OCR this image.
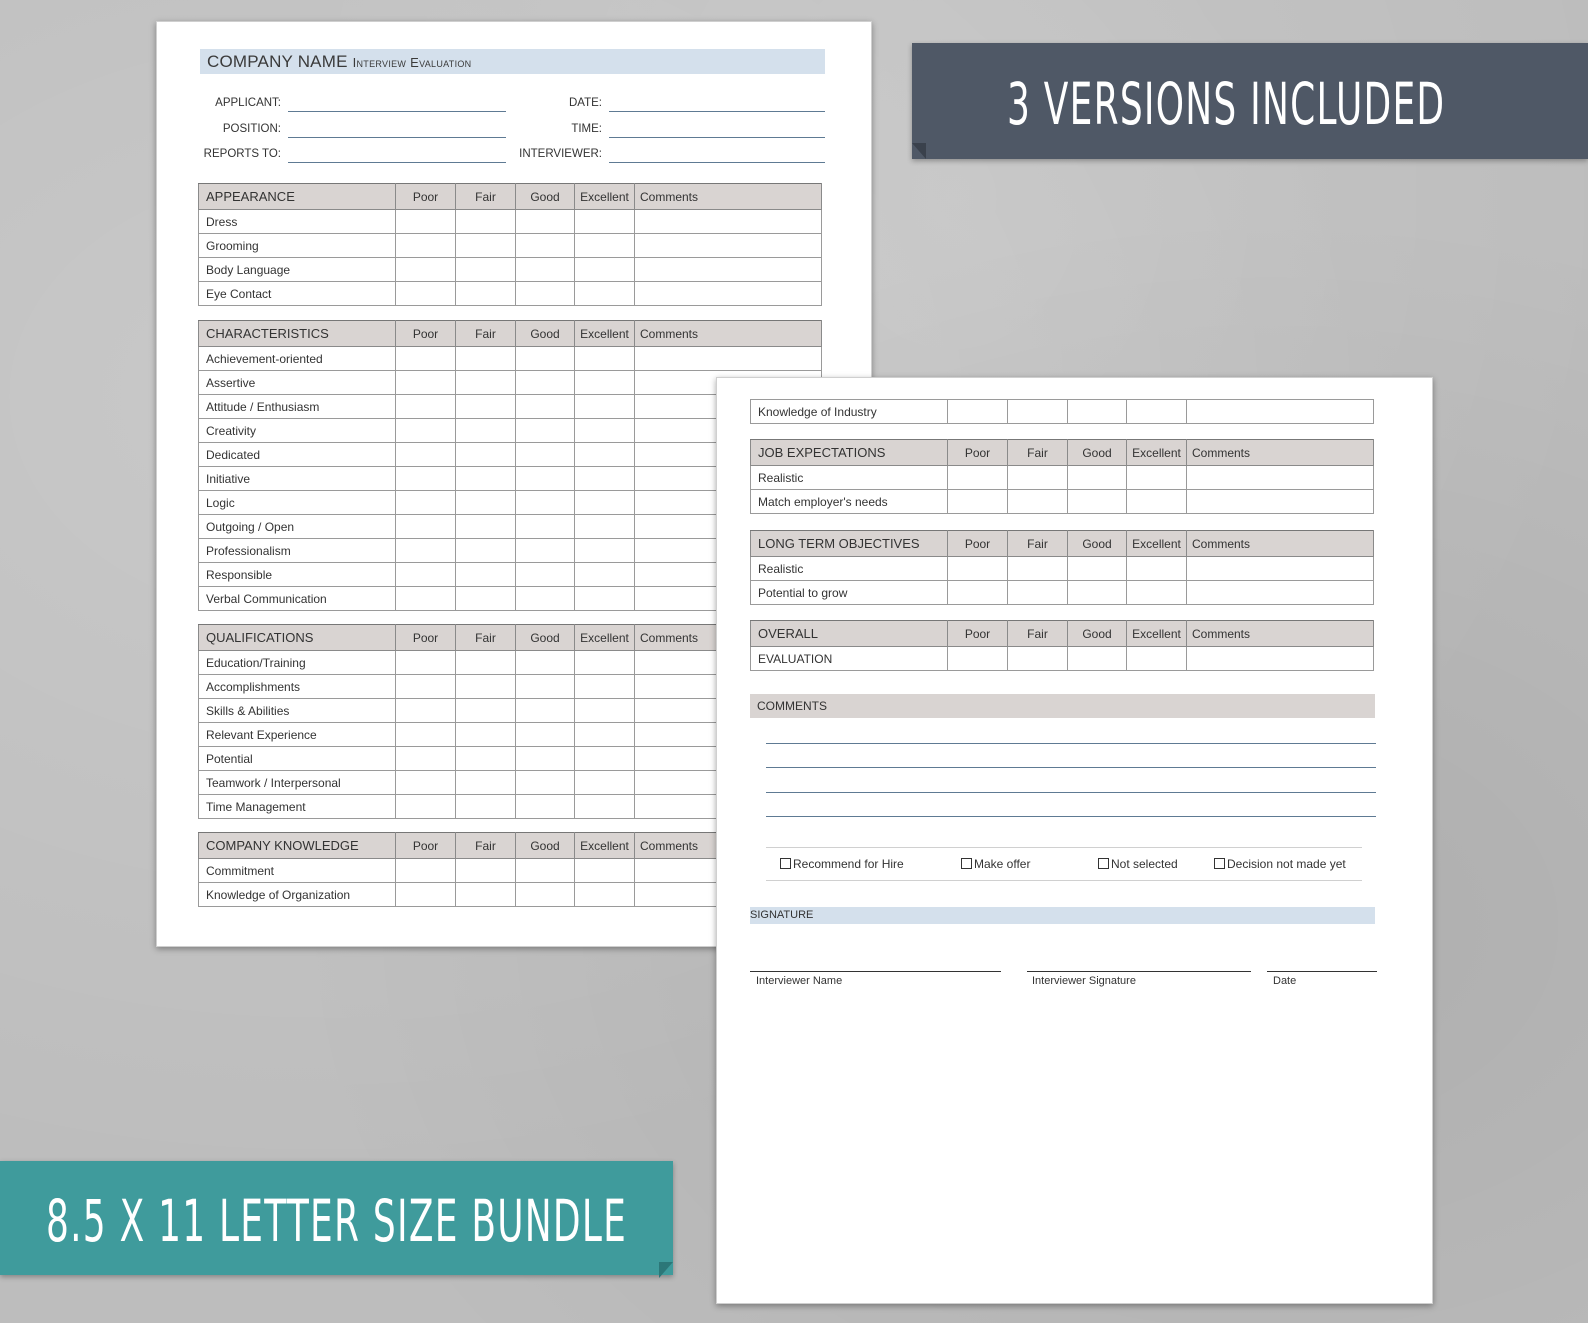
COMPANY NAME Interview Evaluation
APPLICANT:
POSITION:
REPORTS TO:
DATE:
TIME:
INTERVIEWER:
APPEARANCE	Poor	Fair	Good	Excellent	Comments
Dress					
Grooming					
Body Language					
Eye Contact					
CHARACTERISTICS	Poor	Fair	Good	Excellent	Comments
Achievement-oriented					
Assertive					
Attitude / Enthusiasm					
Creativity					
Dedicated					
Initiative					
Logic					
Outgoing / Open					
Professionalism					
Responsible					
Verbal Communication					
QUALIFICATIONS	Poor	Fair	Good	Excellent	Comments
Education/Training					
Accomplishments					
Skills & Abilities					
Relevant Experience					
Potential					
Teamwork / Interpersonal					
Time Management					
COMPANY KNOWLEDGE	Poor	Fair	Good	Excellent	Comments
Commitment					
Knowledge of Organization					
Knowledge of Industry					
JOB EXPECTATIONS	Poor	Fair	Good	Excellent	Comments
Realistic					
Match employer's needs					
LONG TERM OBJECTIVES	Poor	Fair	Good	Excellent	Comments
Realistic					
Potential to grow					
OVERALL	Poor	Fair	Good	Excellent	Comments
EVALUATION					
COMMENTS
Recommend for Hire	Make offer	Not selected	Decision not made yet
SIGNATURE
Interviewer Name	Interviewer Signature	Date
3 VERSIONS INCLUDED
8.5 X 11 LETTER SIZE BUNDLE
